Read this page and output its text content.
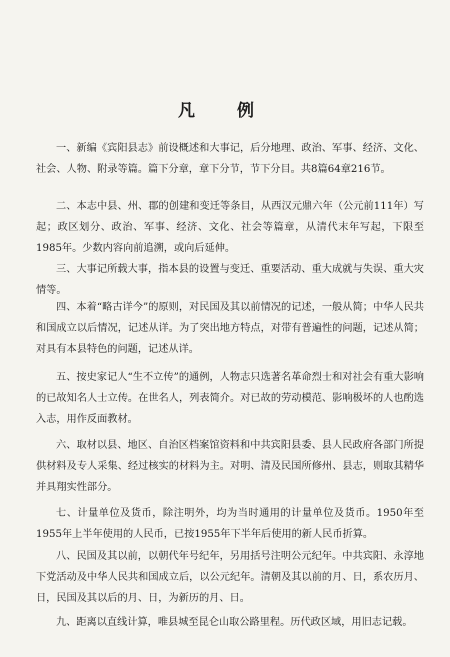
凡 例

一、新编《宾阳县志》前设概述和大事记，后分地理、政治、军事、经济、文化、社会、人物、附录等篇。篇下分章，章下分节，节下分目。共8篇64章216节。

二、本志中县、州、郡的创建和变迁等条目，从西汉元鼎六年（公元前111年）写起；政区划分、政治、军事、经济、文化、社会等篇章，从清代末年写起，下限至1985年。少数内容向前追溯，或向后延伸。

三、大事记所载大事，指本县的设置与变迁、重要活动、重大成就与失误、重大灾情等。

四、本着“略古详今”的原则，对民国及其以前情况的记述，一般从简；中华人民共和国成立以后情况，记述从详。为了突出地方特点，对带有普遍性的问题，记述从简；对具有本县特色的问题，记述从详。

五、按史家记人“生不立传”的通例，人物志只选著名革命烈士和对社会有重大影响的已故知名人士立传。在世名人，列表简介。对已故的劳动模范、影响极坏的人也酌选入志，用作反面教材。

六、取材以县、地区、自治区档案馆资料和中共宾阳县委、县人民政府各部门所提供材料及专人采集、经过核实的材料为主。对明、清及民国所修州、县志，则取其精华并具翔实性部分。

七、计量单位及货币，除注明外，均为当时通用的计量单位及货币。1950年至1955年上半年使用的人民币，已按1955年下半年后使用的新人民币折算。

八、民国及其以前，以朝代年号纪年，另用括号注明公元纪年。中共宾阳、永淳地下党活动及中华人民共和国成立后，以公元纪年。清朝及其以前的月、日，系农历月、日，民国及其以后的月、日，为新历的月、日。

九、距离以直线计算，唯县城至昆仑山取公路里程。历代政区域，用旧志记载。
